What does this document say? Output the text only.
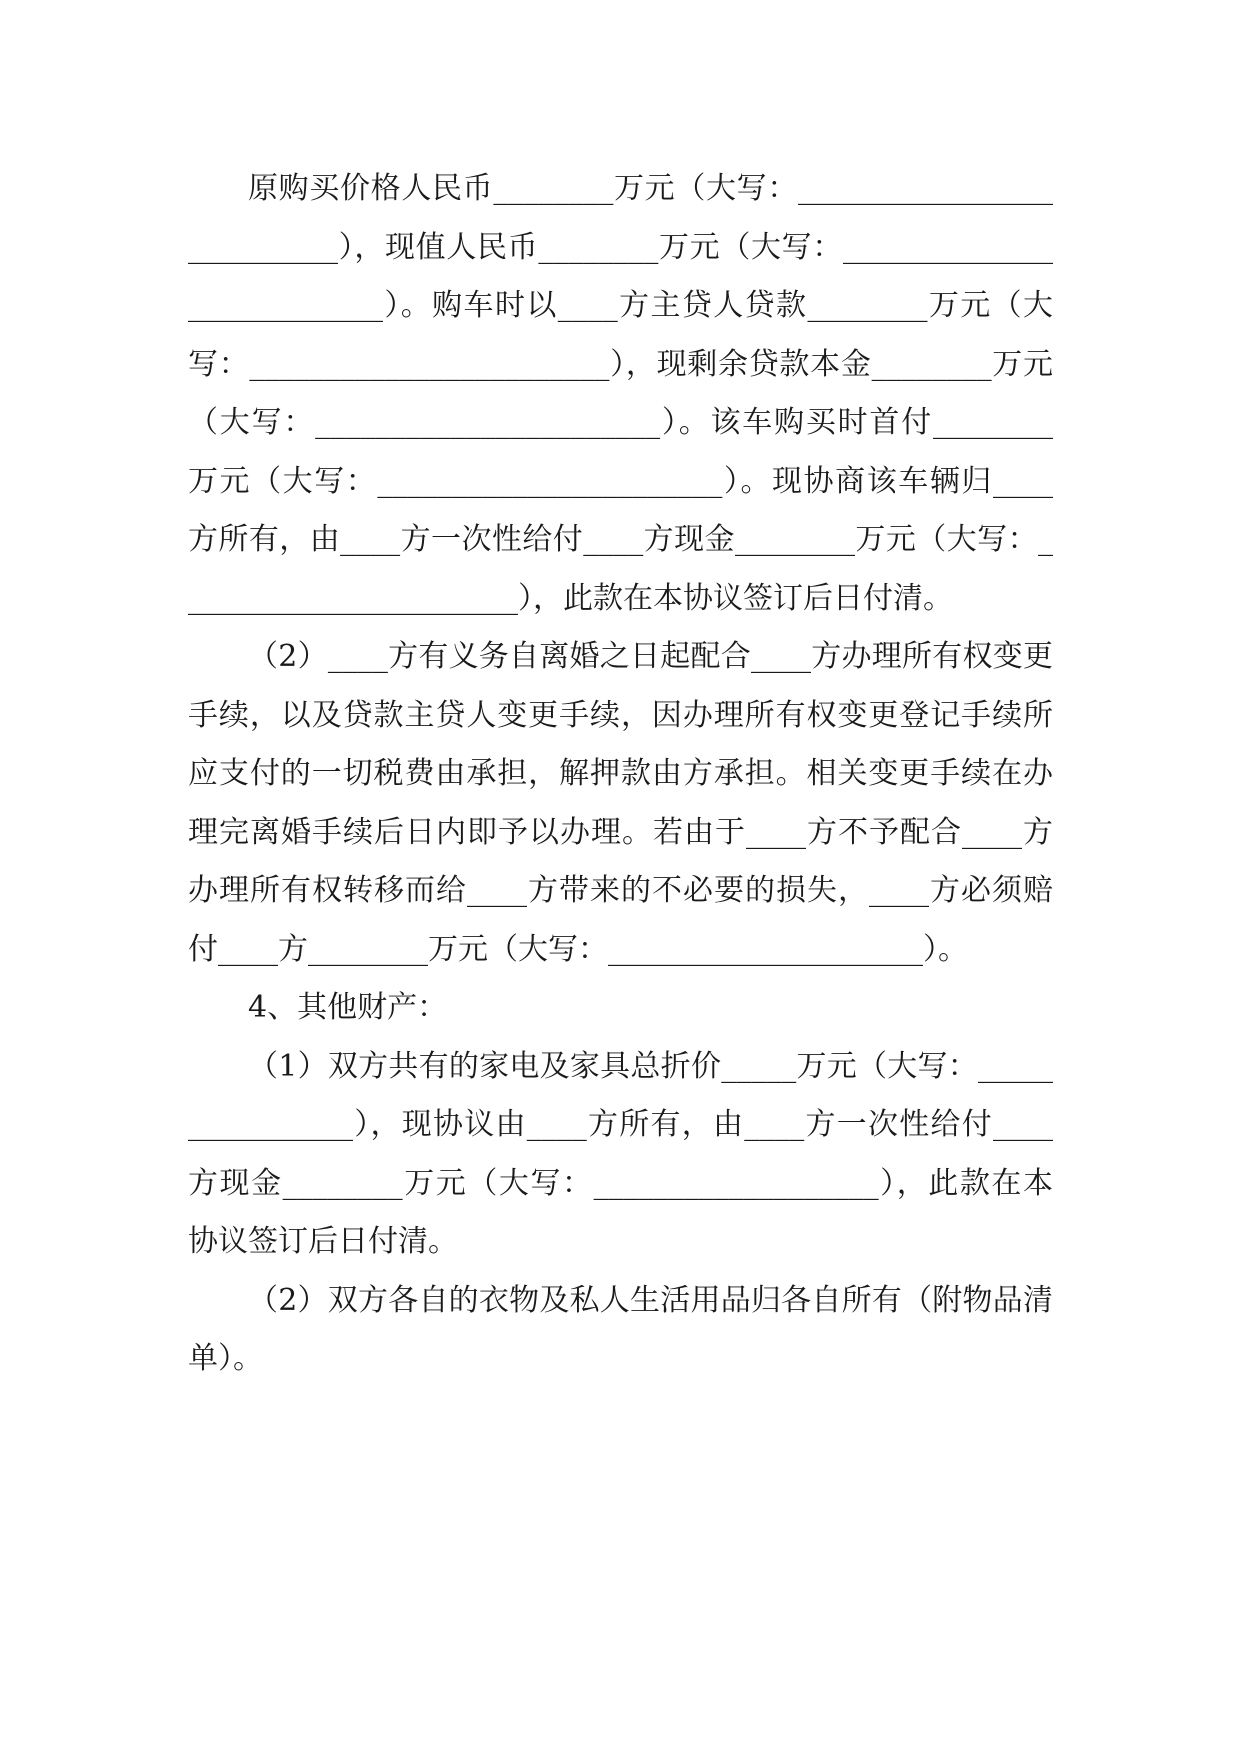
原购买价格人民币________万元（大写：___________________________），现值人民币________万元（大写：___________________________）。购车时以____方主贷人贷款________万元（大写：________________________），现剩余贷款本金________万元（大写：_______________________）。该车购买时首付________万元（大写：_______________________）。现协商该车辆归____方所有，由____方一次性给付____方现金________万元（大写：_______________________），此款在本协议签订后日付清。

（2）____方有义务自离婚之日起配合____方办理所有权变更手续，以及贷款主贷人变更手续，因办理所有权变更登记手续所应支付的一切税费由承担，解押款由方承担。相关变更手续在办理完离婚手续后日内即予以办理。若由于____方不予配合____方办理所有权转移而给____方带来的不必要的损失，____方必须赔付____方________万元（大写：_____________________）。

4、其他财产：

（1）双方共有的家电及家具总折价_____万元（大写：________________），现协议由____方所有，由____方一次性给付____方现金________万元（大写：___________________），此款在本协议签订后日付清。

（2）双方各自的衣物及私人生活用品归各自所有（附物品清单）。
